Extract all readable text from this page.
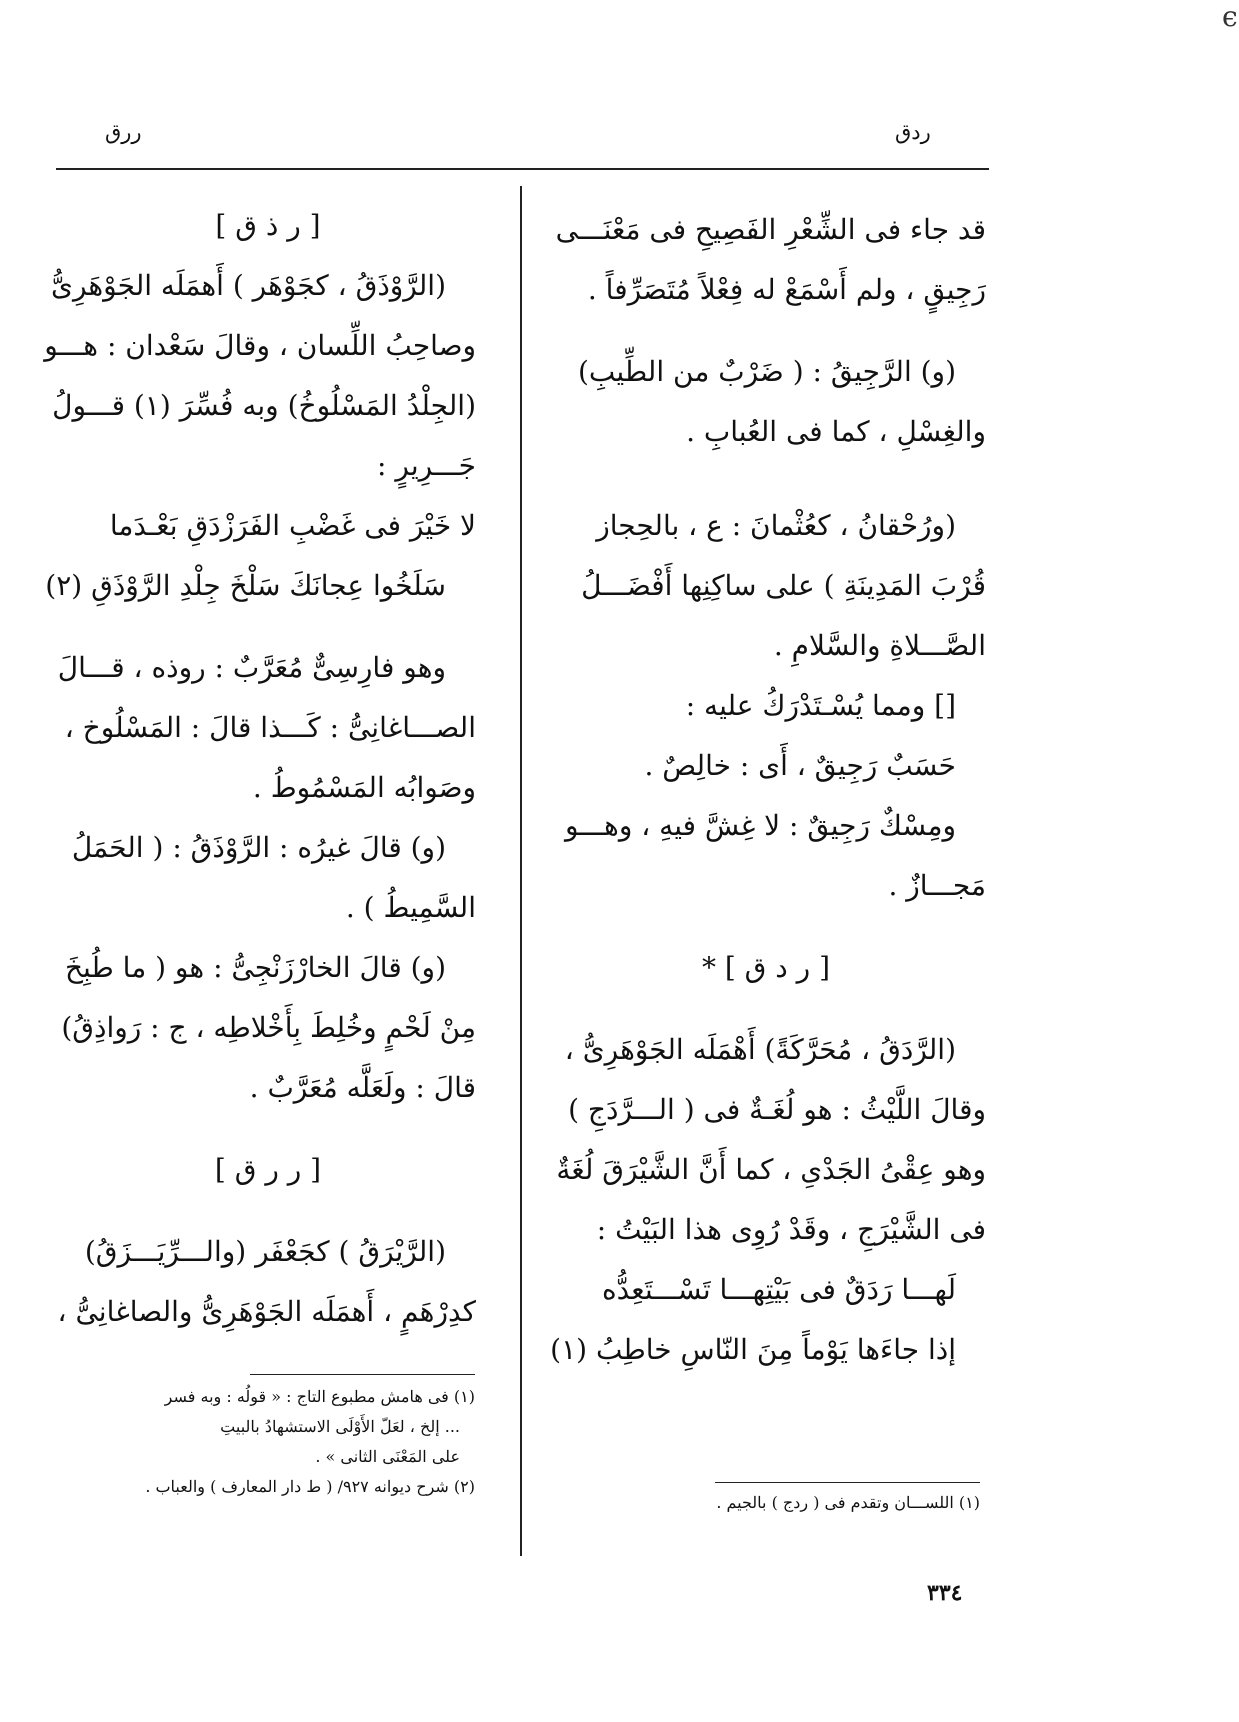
ϵ
ررق	ردق
قد جاء فى الشِّعْرِ الفَصِيحِ فى مَعْنَـــى
رَجِيقٍ ، ولم أَسْمَعْ له فِعْلاً مُتَصَرِّفاً .
(و) الرَّجِيقُ : ( ضَرْبٌ من الطِّيبِ)
والغِسْلِ ، كما فى العُبابِ .
(ورُحْقانُ ، كعُثْمانَ : ع ، بالحِجاز
قُرْبَ المَدِينَةِ ) على ساكِنِها أَفْضَـــلُ
الصَّـــلاةِ والسَّلامِ .
[] ومما يُسْـتَدْرَكُ عليه :
حَسَبٌ رَجِيقٌ ، أَى : خالِصٌ .
ومِسْكٌ رَجِيقٌ : لا غِشَّ فيهِ ، وهـــو
مَجـــازٌ .
[ ر د ق ] *
(الرَّدَقُ ، مُحَرَّكَةً) أَهْمَلَه الجَوْهَرِىُّ ،
وقالَ اللَّيْثُ : هو لُغَـةٌ فى ( الـــرَّدَجِ )
وهو عِقْىُ الجَدْىِ ، كما أَنَّ الشَّيْرَقَ لُغَةٌ
فى الشَّيْرَجِ ، وقَدْ رُوِى هذا البَيْتُ :
لَهـــا رَدَقٌ فى بَيْتِهـــا تَسْـــتَعِدُّه
إذا جاءَها يَوْماً مِنَ النّاسِ خاطِبُ (١)
(١) اللســـان وتقدم فى ( ردج ) بالجيم .
[ ر ذ ق ]
(الرَّوْذَقُ ، كجَوْهَر ) أَهمَلَه الجَوْهَرِىُّ
وصاحِبُ اللِّسان ، وقالَ سَعْدان : هـــو
(الجِلْدُ المَسْلُوخُ) وبه فُسِّرَ (١) قـــولُ
جَـــرِيرٍ :
لا خَيْرَ فى غَضْبِ الفَرَزْدَقِ بَعْـدَما
سَلَخُوا عِجانَكَ سَلْخَ جِلْدِ الرَّوْذَقِ (٢)
وهو فارِسِىٌّ مُعَرَّبٌ : روذه ، قـــالَ
الصـــاغانِىُّ : كَـــذا قالَ : المَسْلُوخ ،
وصَوابُه المَسْمُوطُ .
(و) قالَ غيرُه : الرَّوْذَقُ : ( الحَمَلُ
السَّمِيطُ ) .
(و) قالَ الخارْزَنْجِىُّ : هو ( ما طُبِخَ
مِنْ لَحْمٍ وخُلِطَ بِأَخْلاطِه ، ج : رَواذِقُ)
قالَ : ولَعَلَّه مُعَرَّبٌ .
[ ر ر ق ]
(الرَّيْرَقُ ) كجَعْفَر (والـــرِّيَـــزَقُ)
كدِرْهَمٍ ، أَهمَلَه الجَوْهَرِىُّ والصاغانِىُّ ،
(١) فى هامش مطبوع التاج : « قولُه : وبه فسر
... إلخ ، لعَلّ الأَوْلَى الاستشهادُ بالبيتِ
على المَعْنَى الثانى » .
(٢) شرح ديوانه ٩٢٧/ ( ط دار المعارف ) والعباب .
٣٣٤
